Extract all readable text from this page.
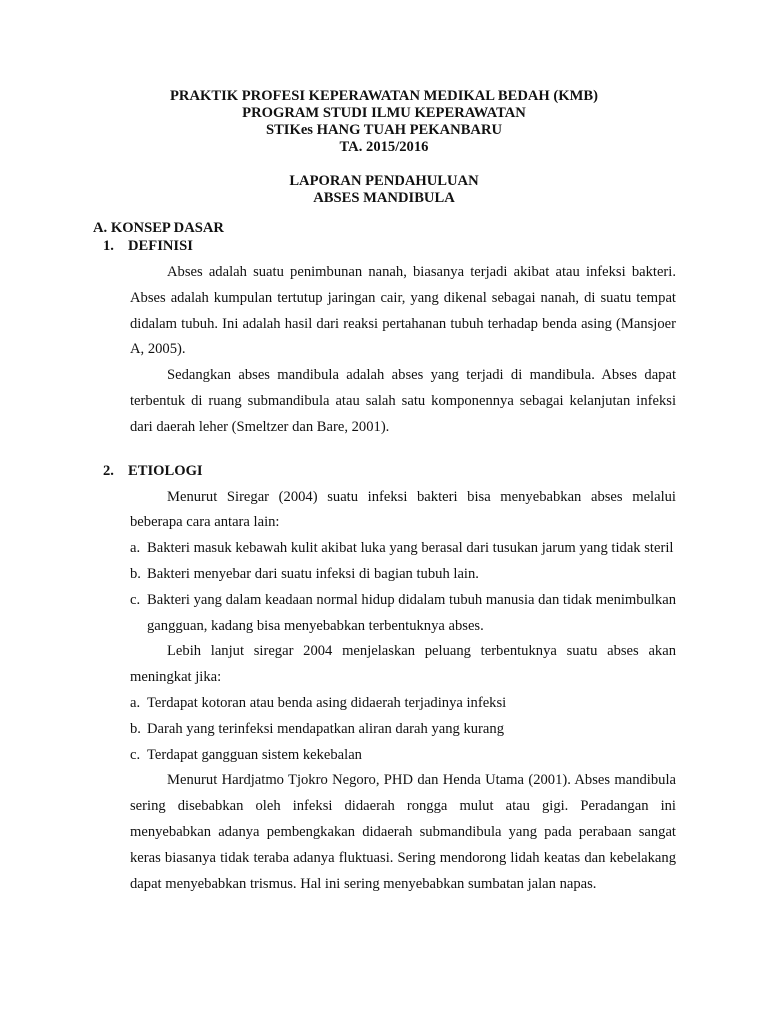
PRAKTIK PROFESI KEPERAWATAN MEDIKAL BEDAH (KMB)
PROGRAM STUDI ILMU KEPERAWATAN
STIKes HANG TUAH PEKANBARU
TA. 2015/2016
LAPORAN PENDAHULUAN
ABSES MANDIBULA
A. KONSEP DASAR
1. DEFINISI

Abses adalah suatu penimbunan nanah, biasanya terjadi akibat atau infeksi bakteri. Abses adalah kumpulan tertutup jaringan cair, yang dikenal sebagai nanah, di suatu tempat didalam tubuh. Ini adalah hasil dari reaksi pertahanan tubuh terhadap benda asing (Mansjoer A, 2005).

Sedangkan abses mandibula adalah abses yang terjadi di mandibula. Abses dapat terbentuk di ruang submandibula atau salah satu komponennya sebagai kelanjutan infeksi dari daerah leher (Smeltzer dan Bare, 2001).

2. ETIOLOGI

Menurut Siregar (2004) suatu infeksi bakteri bisa menyebabkan abses melalui beberapa cara antara lain:

a. Bakteri masuk kebawah kulit akibat luka yang berasal dari tusukan jarum yang tidak steril
b. Bakteri menyebar dari suatu infeksi di bagian tubuh lain.
c. Bakteri yang dalam keadaan normal hidup didalam tubuh manusia dan tidak menimbulkan gangguan, kadang bisa menyebabkan terbentuknya abses.

Lebih lanjut siregar 2004 menjelaskan peluang terbentuknya suatu abses akan meningkat jika:

a. Terdapat kotoran atau benda asing didaerah terjadinya infeksi
b. Darah yang terinfeksi mendapatkan aliran darah yang kurang
c. Terdapat gangguan sistem kekebalan

Menurut Hardjatmo Tjokro Negoro, PHD dan Henda Utama (2001). Abses mandibula sering disebabkan oleh infeksi didaerah rongga mulut atau gigi. Peradangan ini menyebabkan adanya pembengkakan didaerah submandibula yang pada perabaan sangat keras biasanya tidak teraba adanya fluktuasi. Sering mendorong lidah keatas dan kebelakang dapat menyebabkan trismus. Hal ini sering menyebabkan sumbatan jalan napas.
